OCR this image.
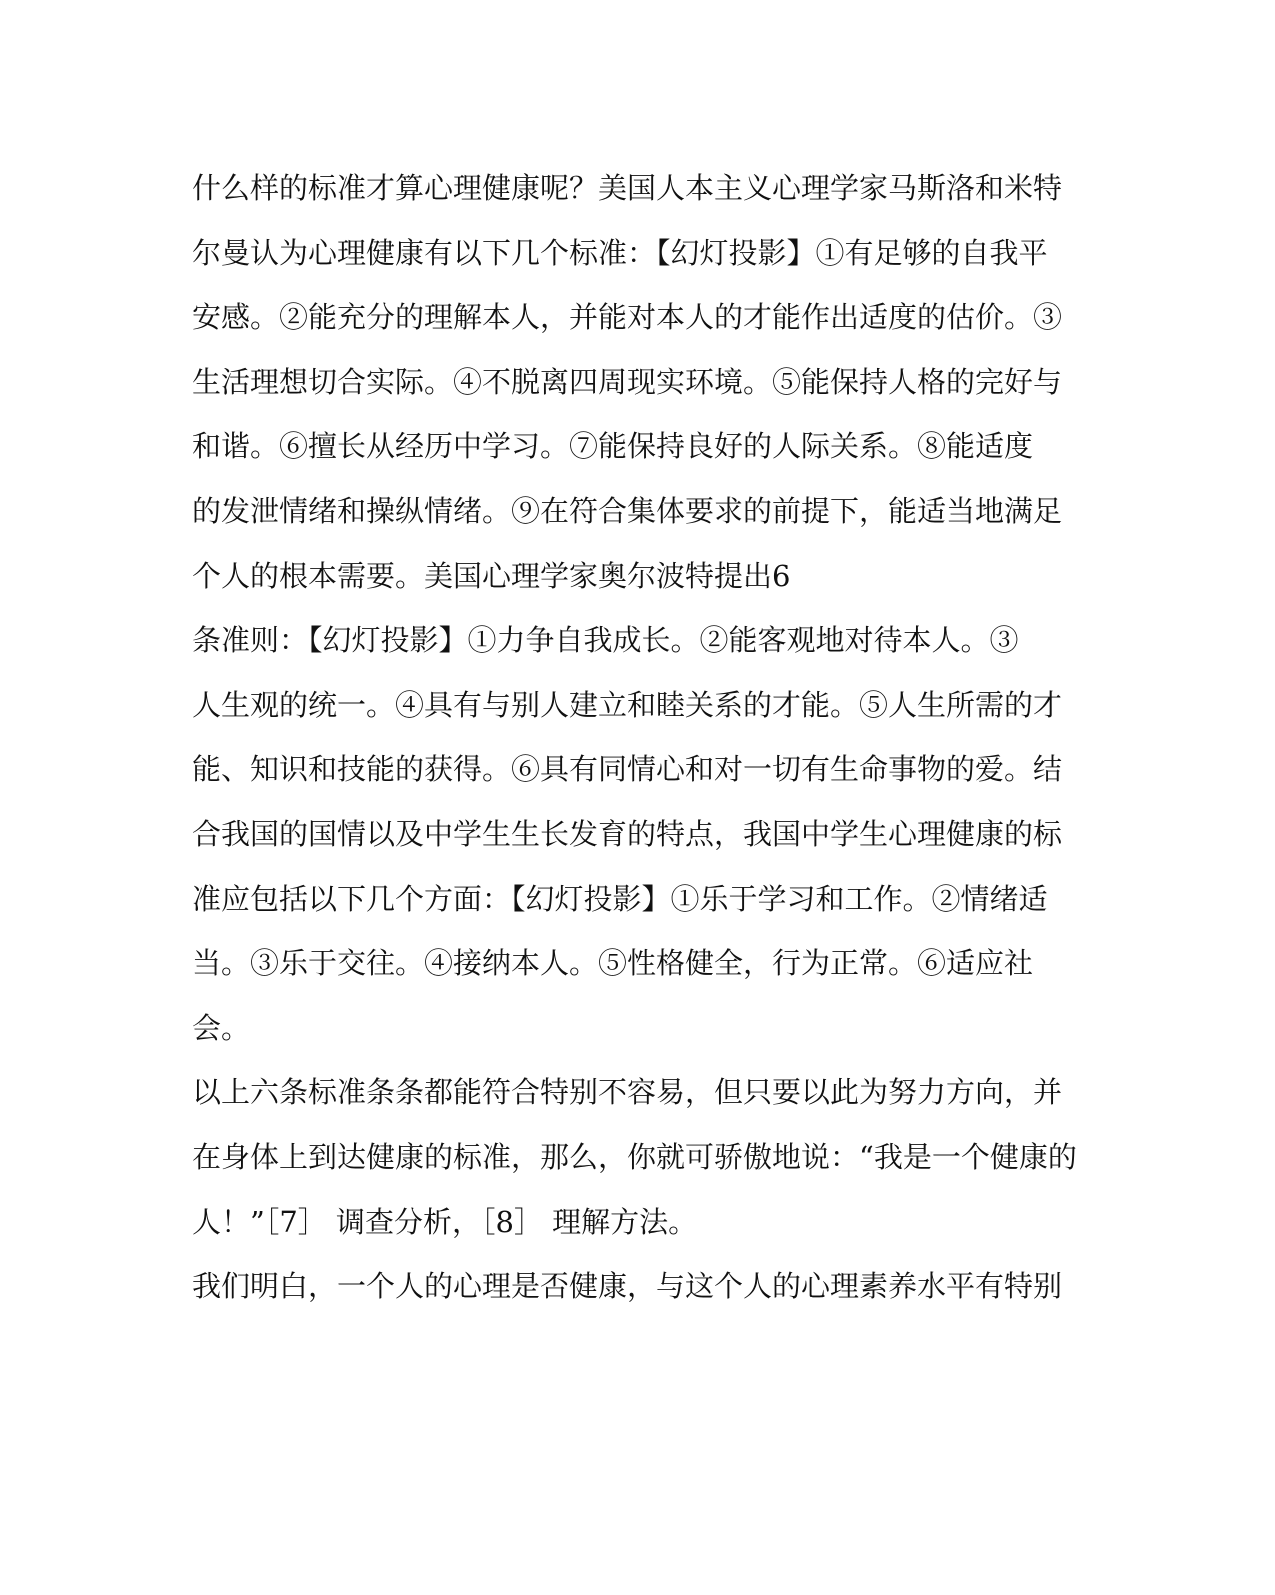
什么样的标准才算心理健康呢？美国人本主义心理学家马斯洛和米特
尔曼认为心理健康有以下几个标准：【幻灯投影】①有足够的自我平
安感。②能充分的理解本人，并能对本人的才能作出适度的估价。③
生活理想切合实际。④不脱离四周现实环境。⑤能保持人格的完好与
和谐。⑥擅长从经历中学习。⑦能保持良好的人际关系。⑧能适度
的发泄情绪和操纵情绪。⑨在符合集体要求的前提下，能适当地满足
个人的根本需要。美国心理学家奥尔波特提出6
条准则：【幻灯投影】①力争自我成长。②能客观地对待本人。③
人生观的统一。④具有与别人建立和睦关系的才能。⑤人生所需的才
能、知识和技能的获得。⑥具有同情心和对一切有生命事物的爱。结
合我国的国情以及中学生生长发育的特点，我国中学生心理健康的标
准应包括以下几个方面：【幻灯投影】①乐于学习和工作。②情绪适
当。③乐于交往。④接纳本人。⑤性格健全，行为正常。⑥适应社
会。
以上六条标准条条都能符合特别不容易，但只要以此为努力方向，并
在身体上到达健康的标准，那么，你就可骄傲地说：“我是一个健康的
人！”［7］ 调查分析，［8］ 理解方法。
我们明白，一个人的心理是否健康，与这个人的心理素养水平有特别
